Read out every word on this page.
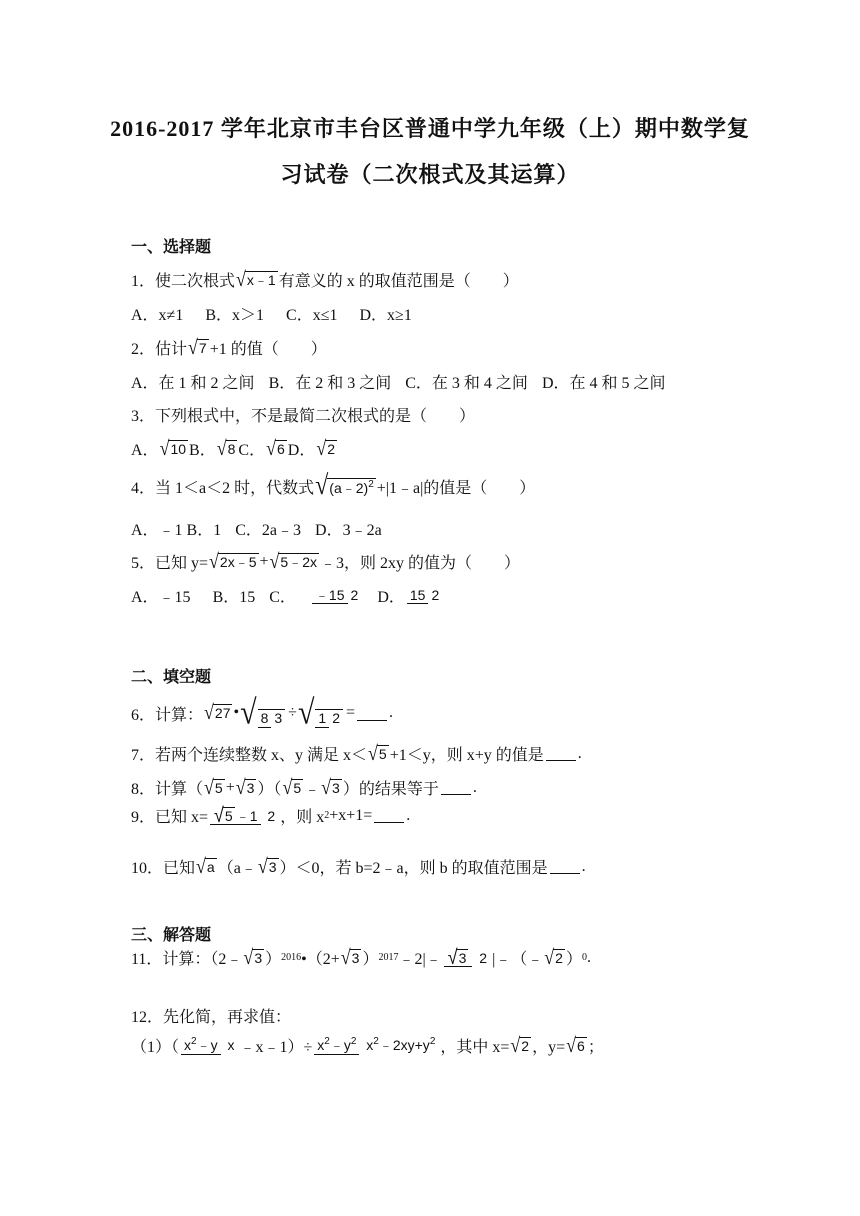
2016-2017 学年北京市丰台区普通中学九年级（上）期中数学复
习试卷（二次根式及其运算）
一、选择题
1．使二次根式 √x﹣1 有意义的 x 的取值范围是（　　）
A．x≠1 B．x＞1 C．x≤1 D．x≥1
2．估计 √7 +1 的值（　　）
A．在 1 和 2 之间 B．在 2 和 3 之间 C．在 3 和 4 之间 D．在 4 和 5 之间
3．下列根式中，不是最简二次根式的是（　　）
A． √10 B． √8 C． √6 D． √2
4．当 1＜a＜2 时，代数式 √(a﹣2)$^2$ +|1﹣a|的值是（　　）
A．﹣1 B．1 C．2a﹣3 D．3﹣2a
5．已知 y= √2x﹣5 + √5﹣2x ﹣3，则 2xy 的值为（　　）
A．﹣15 B．15 C． ﹣15 2 D． 15 2
二、填空题
6．计算： √27 • √ 8 3 ÷ √ 1 2 = .
7．若两个连续整数 x、y 满足 x＜ √5 +1＜y，则 x+y 的值是 .
8．计算（ √5 + √3 ）（ √5 ﹣ √3 ）的结果等于 .
9．已知 x= √5 ﹣1 2 ，则 x 2 +x+1= .
10．已知 √a （a﹣ √3 ）＜0，若 b=2﹣a，则 b 的取值范围是 .
三、解答题
11．计算：（2﹣ √3 ） 2016 •（2+ √3 ） 2017 ﹣2|﹣ √3 2 |﹣（﹣ √2 ） 0 .
12．先化简，再求值：
（1）（ $x^2﹣y$ x ﹣x﹣1）÷ $x^2﹣y^2$ $x^2﹣2xy+y^2$ ，其中 x= √2 ，y= √6 ；
